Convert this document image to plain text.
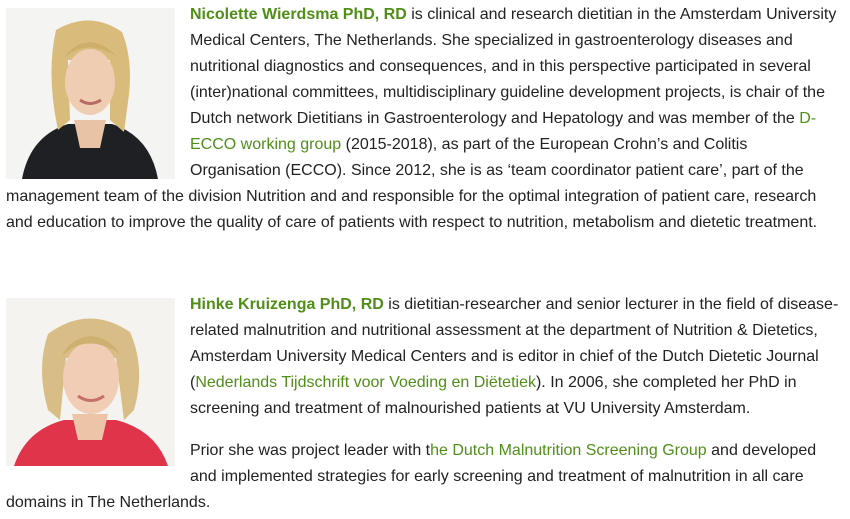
Nicolette Wierdsma PhD, RD is clinical and research dietitian in the Amsterdam University Medical Centers, The Netherlands. She specialized in gastroenterology diseases and nutritional diagnostics and consequences, and in this perspective participated in several (inter)national committees, multidisciplinary guideline development projects, is chair of the Dutch network Dietitians in Gastroenterology and Hepatology and was member of the D-ECCO working group (2015-2018), as part of the European Crohn’s and Colitis Organisation (ECCO). Since 2012, she is as ‘team coordinator patient care’, part of the management team of the division Nutrition and and responsible for the optimal integration of patient care, research and education to improve the quality of care of patients with respect to nutrition, metabolism and dietetic treatment.

Hinke Kruizenga PhD, RD is dietitian-researcher and senior lecturer in the field of disease-related malnutrition and nutritional assessment at the department of Nutrition & Dietetics, Amsterdam University Medical Centers and is editor in chief of the Dutch Dietetic Journal (Nederlands Tijdschrift voor Voeding en Diëtetiek). In 2006, she completed her PhD in screening and treatment of malnourished patients at VU University Amsterdam.

Prior she was project leader with the Dutch Malnutrition Screening Group and developed and implemented strategies for early screening and treatment of malnutrition in all care domains in The Netherlands.
